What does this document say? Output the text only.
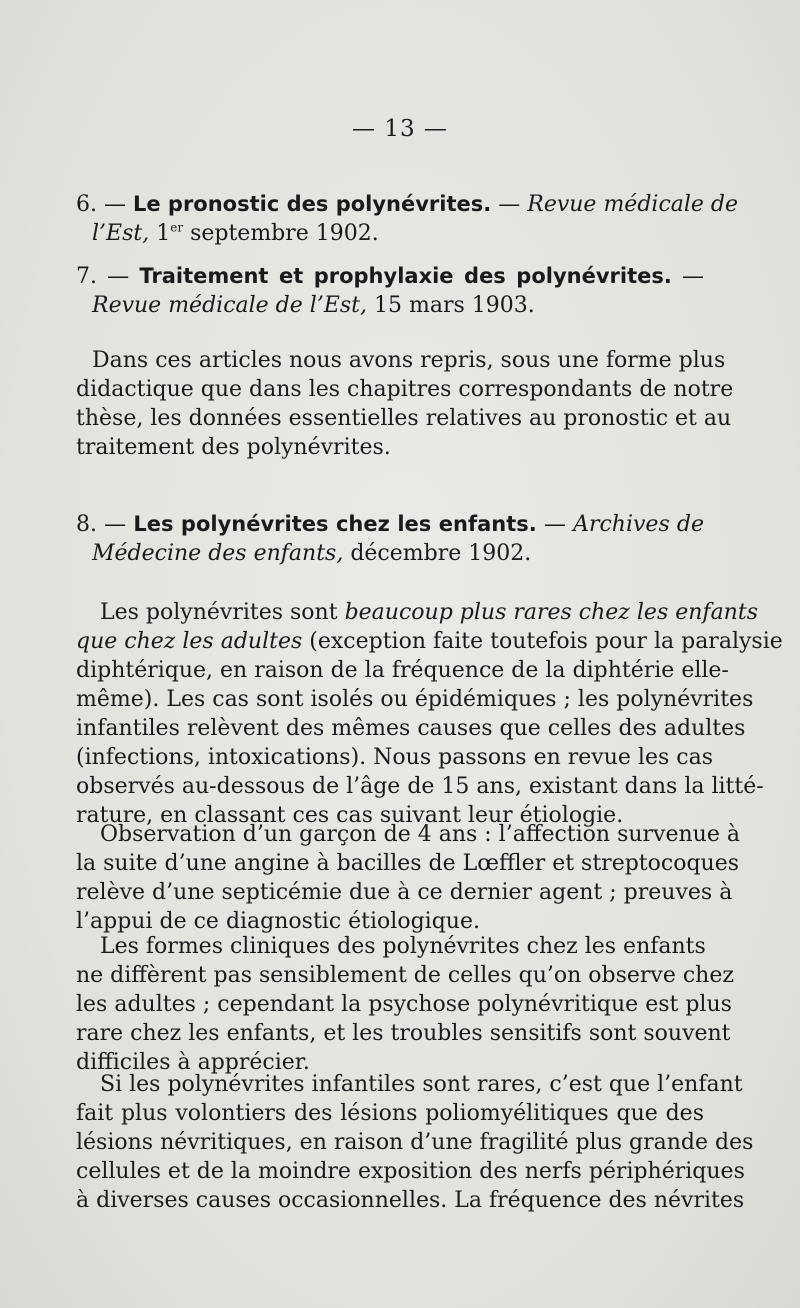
— 13 —
6. — Le pronostic des polynévrites. — Revue médicale de
l’Est, 1er septembre 1902.
7. — Traitement et prophylaxie des polynévrites. —
Revue médicale de l’Est, 15 mars 1903.
Dans ces articles nous avons repris, sous une forme plus
didactique que dans les chapitres correspondants de notre
thèse, les données essentielles relatives au pronostic et au
traitement des polynévrites.
8. — Les polynévrites chez les enfants. — Archives de
Médecine des enfants, décembre 1902.
Les polynévrites sont beaucoup plus rares chez les enfants
que chez les adultes (exception faite toutefois pour la paralysie
diphtérique, en raison de la fréquence de la diphtérie elle-
même). Les cas sont isolés ou épidémiques ; les polynévrites
infantiles relèvent des mêmes causes que celles des adultes
(infections, intoxications). Nous passons en revue les cas
observés au-dessous de l’âge de 15 ans, existant dans la litté-
rature, en classant ces cas suivant leur étiologie.
Observation d’un garçon de 4 ans : l’affection survenue à
la suite d’une angine à bacilles de Lœffler et streptocoques
relève d’une septicémie due à ce dernier agent ; preuves à
l’appui de ce diagnostic étiologique.
Les formes cliniques des polynévrites chez les enfants
ne diffèrent pas sensiblement de celles qu’on observe chez
les adultes ; cependant la psychose polynévritique est plus
rare chez les enfants, et les troubles sensitifs sont souvent
difficiles à apprécier.
Si les polynévrites infantiles sont rares, c’est que l’enfant
fait plus volontiers des lésions poliomyélitiques que des
lésions névritiques, en raison d’une fragilité plus grande des
cellules et de la moindre exposition des nerfs périphériques
à diverses causes occasionnelles. La fréquence des névrites
